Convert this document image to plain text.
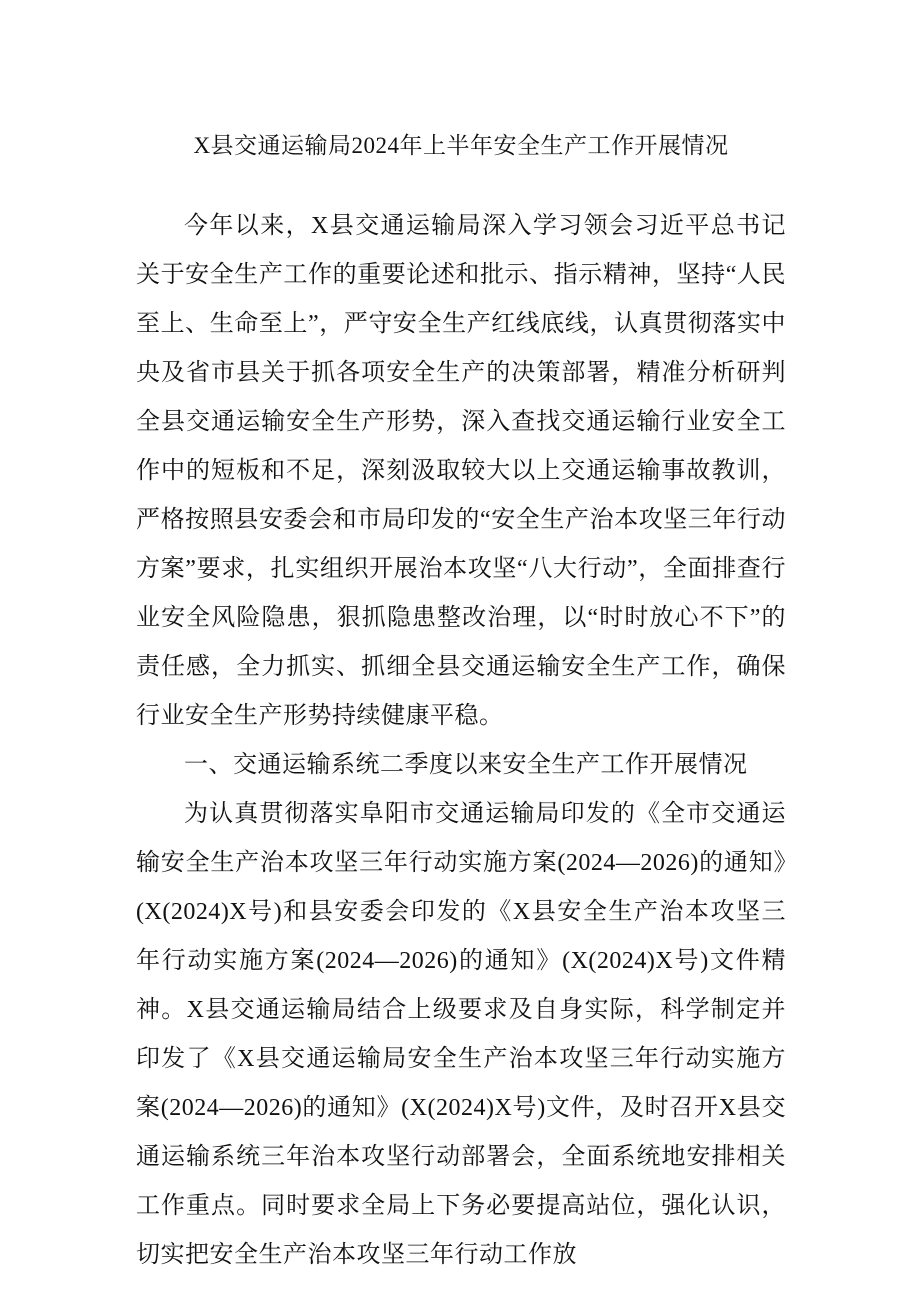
X县交通运输局2024年上半年安全生产工作开展情况

今年以来，X县交通运输局深入学习领会习近平总书记关于安全生产工作的重要论述和批示、指示精神，坚持“人民至上、生命至上”，严守安全生产红线底线，认真贯彻落实中央及省市县关于抓各项安全生产的决策部署，精准分析研判全县交通运输安全生产形势，深入查找交通运输行业安全工作中的短板和不足，深刻汲取较大以上交通运输事故教训，严格按照县安委会和市局印发的“安全生产治本攻坚三年行动方案”要求，扎实组织开展治本攻坚“八大行动”，全面排查行业安全风险隐患，狠抓隐患整改治理，以“时时放心不下”的责任感，全力抓实、抓细全县交通运输安全生产工作，确保行业安全生产形势持续健康平稳。

一、交通运输系统二季度以来安全生产工作开展情况

为认真贯彻落实阜阳市交通运输局印发的《全市交通运输安全生产治本攻坚三年行动实施方案(2024—2026)的通知》(X(2024)X号)和县安委会印发的《X县安全生产治本攻坚三年行动实施方案(2024—2026)的通知》(X(2024)X号)文件精神。X县交通运输局结合上级要求及自身实际，科学制定并印发了《X县交通运输局安全生产治本攻坚三年行动实施方案(2024—2026)的通知》(X(2024)X号)文件，及时召开X县交通运输系统三年治本攻坚行动部署会，全面系统地安排相关工作重点。同时要求全局上下务必要提高站位，强化认识，切实把安全生产治本攻坚三年行动工作放
